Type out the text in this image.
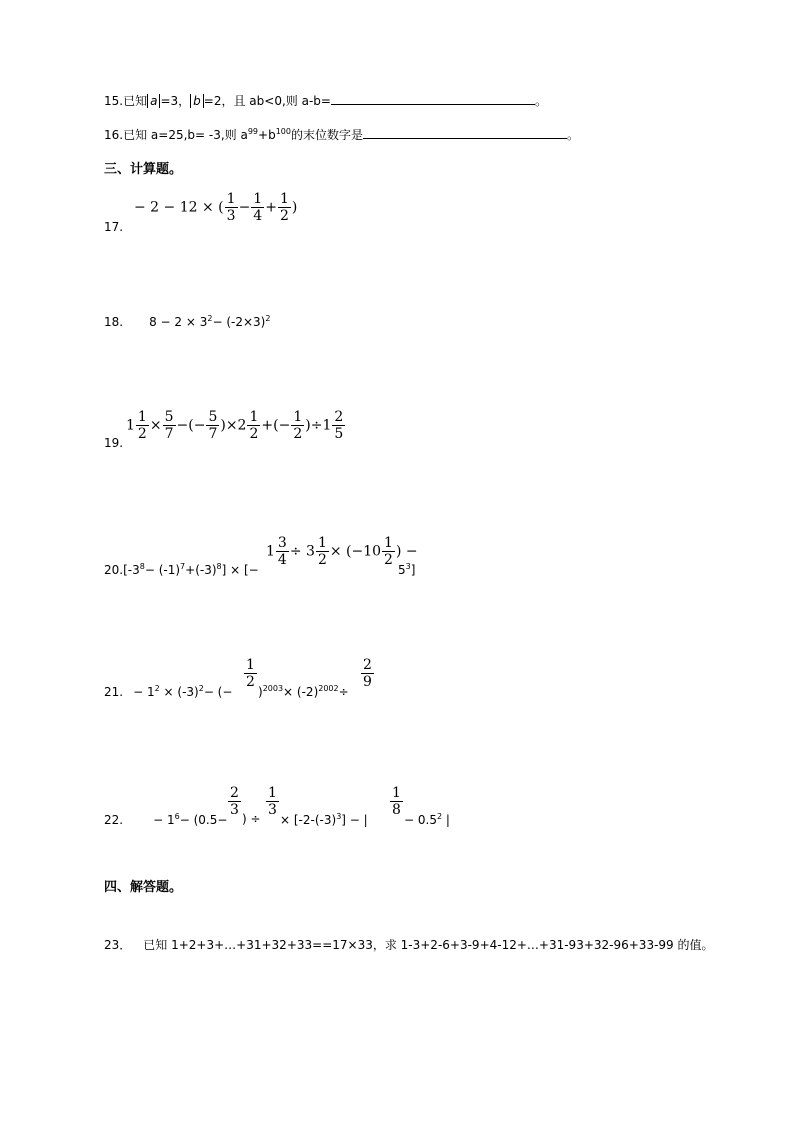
15.已知 a =3， b =2，且 ab<0,则 a-b=	。
16.已知 a=25,b= -3,则 $a^{99}+b^{100}$的末位数字是	。
三、计算题。
17.
− 2 − 12 × ( $\frac{1}{3} - \frac{1}{4} + \frac{1}{2}$ )
18. $8 - 2 \times 3^2- (-2\times 3)^2$
19.
$1 \frac{1}{2} \times \frac{5}{7}$ −(− $\frac{5}{7} )\times 2 \frac{1}{2}$ +(− $\frac{1}{2} )\div 1 \frac{2}{5}$
$20.[-3^8- (-1)^7+(-3)^8]$ × [−
$1 \frac{3}{4} \div 3 \frac{1}{2} \times (-10 \frac{1}{2}$ ) −
$5^3$]
21. − $1^2 \times (-3)^2-$ (−
$\frac{1}{2}$
)$^{2003}\times (-2)^{2002}\div$
$\frac{2}{9}$
22.	− $1^6- (0.5-$
$\frac{2}{3}$
) ÷
$\frac{1}{3}$
× $[-2-(-3)^3]$ − |
$\frac{1}{8}$
− $0.5^2$ |
四、解答题。
23． 已知 1+2+3+…+31+32+33==17×33，求 1-3+2-6+3-9+4-12+…+31-93+32-96+33-99 的值。
